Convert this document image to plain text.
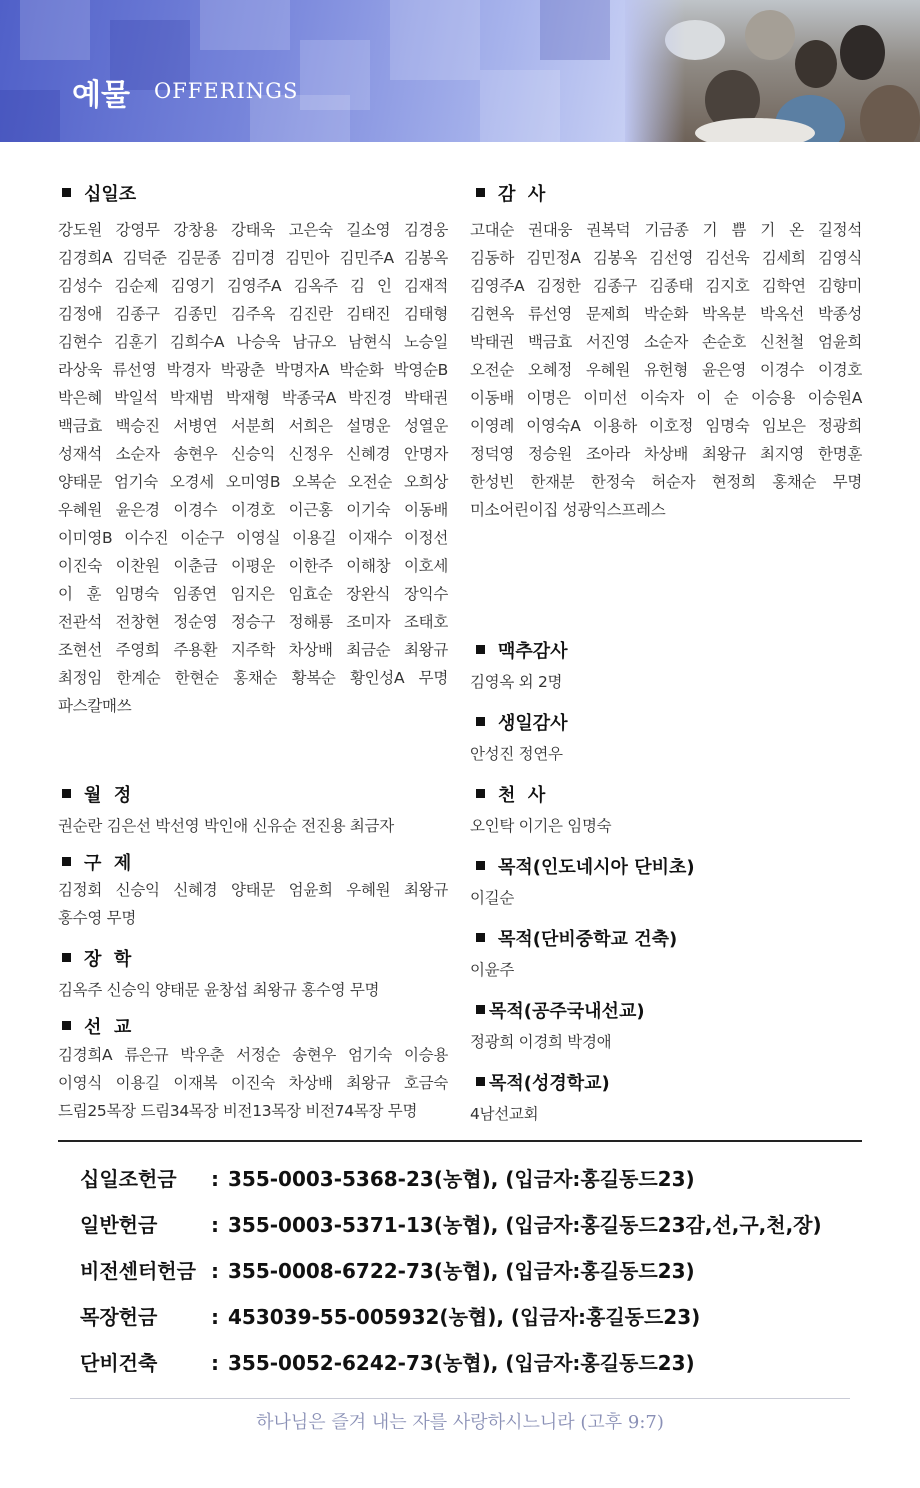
예물 OFFERINGS
십일조
강도원 강영무 강창용 강태욱 고은숙 길소영 김경웅
김경희A 김덕준 김문종 김미경 김민아 김민주A 김봉옥
김성수 김순제 김영기 김영주A 김옥주 김 인 김재적
김정애 김종구 김종민 김주옥 김진란 김태진 김태형
김현수 김훈기 김희수A 나승욱 남규오 남현식 노승일
라상욱 류선영 박경자 박광춘 박명자A 박순화 박영순B
박은혜 박일석 박재범 박재형 박종국A 박진경 박태권
백금효 백승진 서병연 서분희 서희은 설명운 성열운
성재석 소순자 송현우 신승익 신정우 신혜경 안명자
양태문 엄기숙 오경세 오미영B 오복순 오전순 오희상
우혜원 윤은경 이경수 이경호 이근홍 이기숙 이동배
이미영B 이수진 이순구 이영실 이용길 이재수 이정선
이진숙 이찬원 이춘금 이평운 이한주 이해창 이호세
이 훈 임명숙 임종연 임지은 임효순 장완식 장익수
전관석 전창현 정순영 정승구 정해룡 조미자 조태호
조현선 주영희 주용환 지주학 차상배 최금순 최왕규
최정임 한계순 한현순 홍채순 황복순 황인성A 무명
파스칼매쓰
감  사
고대순 권대웅 권복덕 기금종 기 쁨 기 온 길정석
김동하 김민정A 김봉옥 김선영 김선욱 김세희 김영식
김영주A 김정한 김종구 김종태 김지호 김학연 김향미
김현옥 류선영 문제희 박순화 박옥분 박옥선 박종성
박태권 백금효 서진영 소순자 손순호 신천철 엄윤희
오전순 오혜정 우혜원 유헌형 윤은영 이경수 이경호
이동배 이명은 이미선 이숙자 이 순 이승용 이승원A
이영례 이영숙A 이용하 이호정 임명숙 임보은 정광희
정덕영 정승원 조아라 차상배 최왕규 최지영 한명훈
한성빈 한재분 한정숙 허순자 현정희 홍채순 무명
미소어린이집 성광익스프레스
맥추감사
김영옥 외 2명
생일감사
안성진 정연우
월  정
권순란 김은선 박선영 박인애 신유순 전진용 최금자
천  사
오인탁 이기은 임명숙
구  제
김정회 신승익 신혜경 양태문 엄윤희 우혜원 최왕규
홍수영 무명
목적(인도네시아 단비초)
이길순
장  학
김옥주 신승익 양태문 윤창섭 최왕규 홍수영 무명
목적(단비중학교 건축)
이윤주
목적(공주국내선교)
정광희 이경희 박경애
선  교
김경희A 류은규 박우춘 서정순 송현우 엄기숙 이승용
이영식 이용길 이재복 이진숙 차상배 최왕규 호금숙
드림25목장 드림34목장 비전13목장 비전74목장 무명
목적(성경학교)
4남선교회
십일조헌금 : 355-0003-5368-23(농협), (입금자:홍길동드23)
일반헌금	: 355-0003-5371-13(농협), (입금자:홍길동드23감,선,구,천,장)
비전센터헌금 : 355-0008-6722-73(농협), (입금자:홍길동드23)
목장헌금	: 453039-55-005932(농협), (입금자:홍길동드23)
단비건축	: 355-0052-6242-73(농협), (입금자:홍길동드23)
하나님은 즐겨 내는 자를 사랑하시느니라 (고후 9:7)
